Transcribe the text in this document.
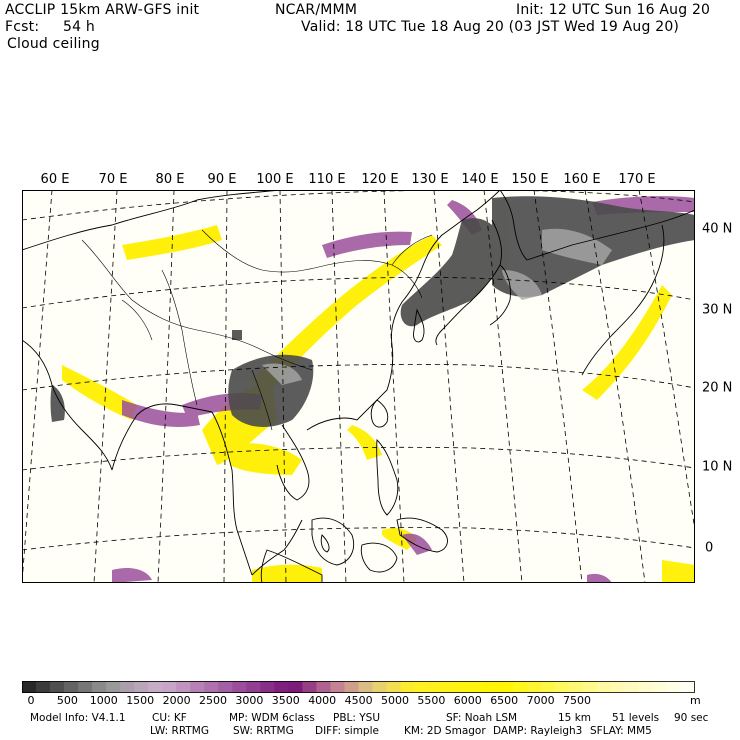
ACCLIP 15km ARW-GFS init	NCAR/MMM	Init: 12 UTC Sun 16 Aug 20
Fcst: 54 h	Valid: 18 UTC Tue 18 Aug 20 (03 JST Wed 19 Aug 20)
Cloud ceiling
60 E 70 E 80 E 90 E 100 E 110 E 120 E 130 E 140 E 150 E 160 E 170 E
40 N
30 N
20 N
10 N
0
0 500 1000 1500 2000 2500 3000 3500 4000 4500 5000 5500 6000 6500 7000 7500	m
Model Info: V4.1.1	CU: KF	MP: WDM 6class PBL: YSU	SF: Noah LSM	15 km 51 levels 90 sec
LW: RRTMG SW: RRTMG DIFF: simple KM: 2D Smagor DAMP: Rayleigh3 SFLAY: MM5
